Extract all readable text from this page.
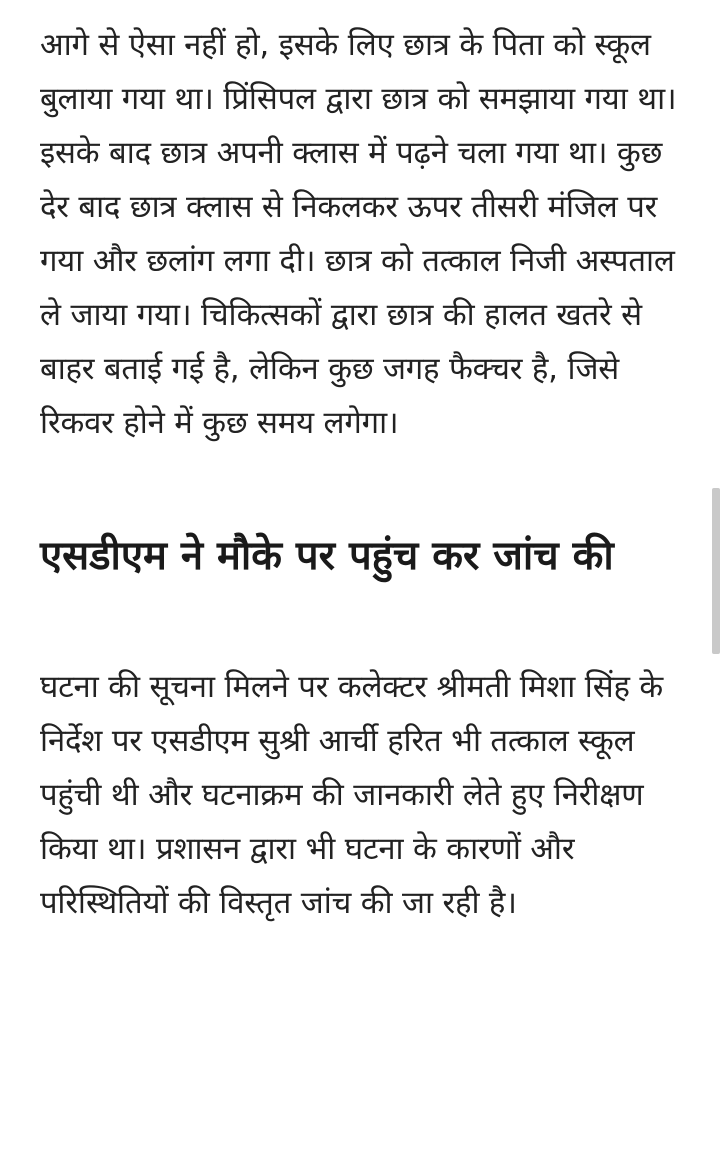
आगे से ऐसा नहीं हो, इसके लिए छात्र के पिता को स्कूल बुलाया गया था। प्रिंसिपल द्वारा छात्र को समझाया गया था। इसके बाद छात्र अपनी क्लास में पढ़ने चला गया था। कुछ देर बाद छात्र क्लास से निकलकर ऊपर तीसरी मंजिल पर गया और छलांग लगा दी। छात्र को तत्काल निजी अस्पताल ले जाया गया। चिकित्सकों द्वारा छात्र की हालत खतरे से बाहर बताई गई है, लेकिन कुछ जगह फैक्चर है, जिसे रिकवर होने में कुछ समय लगेगा।

एसडीएम ने मौके पर पहुंच कर जांच की

घटना की सूचना मिलने पर कलेक्टर श्रीमती मिशा सिंह के निर्देश पर एसडीएम सुश्री आर्ची हरित भी तत्काल स्कूल पहुंची थी और घटनाक्रम की जानकारी लेते हुए निरीक्षण किया था। प्रशासन द्वारा भी घटना के कारणों और परिस्थितियों की विस्तृत जांच की जा रही है।
